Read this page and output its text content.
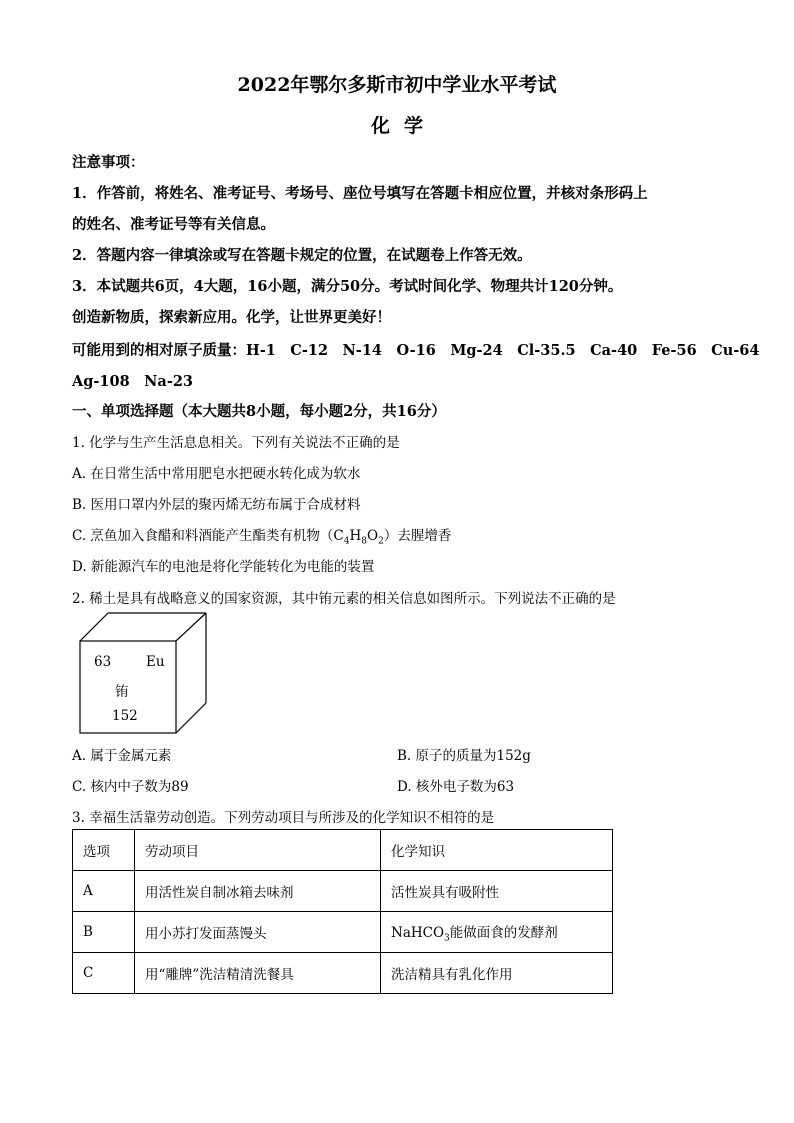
2022年鄂尔多斯市初中学业水平考试
化学
注意事项：
1．作答前，将姓名、准考证号、考场号、座位号填写在答题卡相应位置，并核对条形码上
的姓名、准考证号等有关信息。
2．答题内容一律填涂或写在答题卡规定的位置，在试题卷上作答无效。
3．本试题共6页，4大题，16小题，满分50分。考试时间化学、物理共计120分钟。
创造新物质，探索新应用。化学，让世界更美好！
可能用到的相对原子质量：H-1　C-12　N-14　O-16　Mg-24　Cl-35.5　Ca-40　Fe-56　Cu-64
Ag-108　Na-23
一、单项选择题（本大题共8小题，每小题2分，共16分）
1. 化学与生产生活息息相关。下列有关说法不正确的是
A. 在日常生活中常用肥皂水把硬水转化成为软水
B. 医用口罩内外层的聚丙烯无纺布属于合成材料
C. 烹鱼加入食醋和料酒能产生酯类有机物$(C_4H_8O_2)$去腥增香
D. 新能源汽车的电池是将化学能转化为电能的装置
2. 稀土是具有战略意义的国家资源，其中铕元素的相关信息如图所示。下列说法不正确的是
63	Eu
铕
152
A. 属于金属元素	B. 原子的质量为152g
C. 核内中子数为89	D. 核外电子数为63
3. 幸福生活靠劳动创造。下列劳动项目与所涉及的化学知识不相符的是
选项	劳动项目	化学知识
A	用活性炭自制冰箱去味剂	活性炭具有吸附性
B	用小苏打发面蒸馒头	NaHCO$_3$能做面食的发酵剂
C	用“雕牌”洗洁精清洗餐具	洗洁精具有乳化作用
